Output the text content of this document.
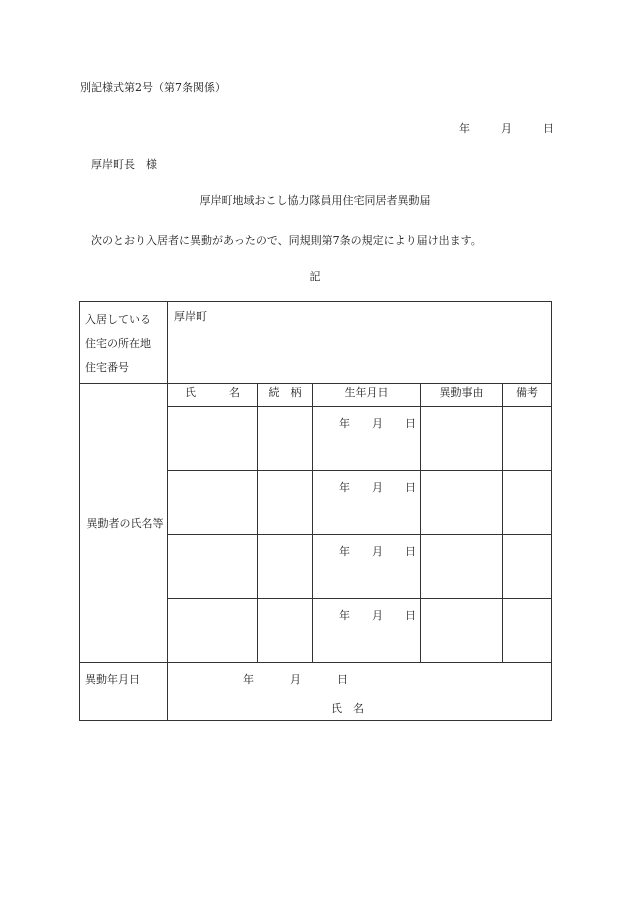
別記様式第2号（第7条関係）
年	月	日
厚岸町長　様
厚岸町地域おこし協力隊員用住宅同居者異動届
次のとおり入居者に異動があったので、同規則第7条の規定により届け出ます。
記
入居している
住宅の所在地
住宅番号	厚岸町				
異動者の氏名等	氏　　　名	続　柄	生年月日	異動事由	備考
			年 月 日		
			年 月 日		
			年 月 日		
			年 月 日		
異動年月日	年 月 日				
氏　名
